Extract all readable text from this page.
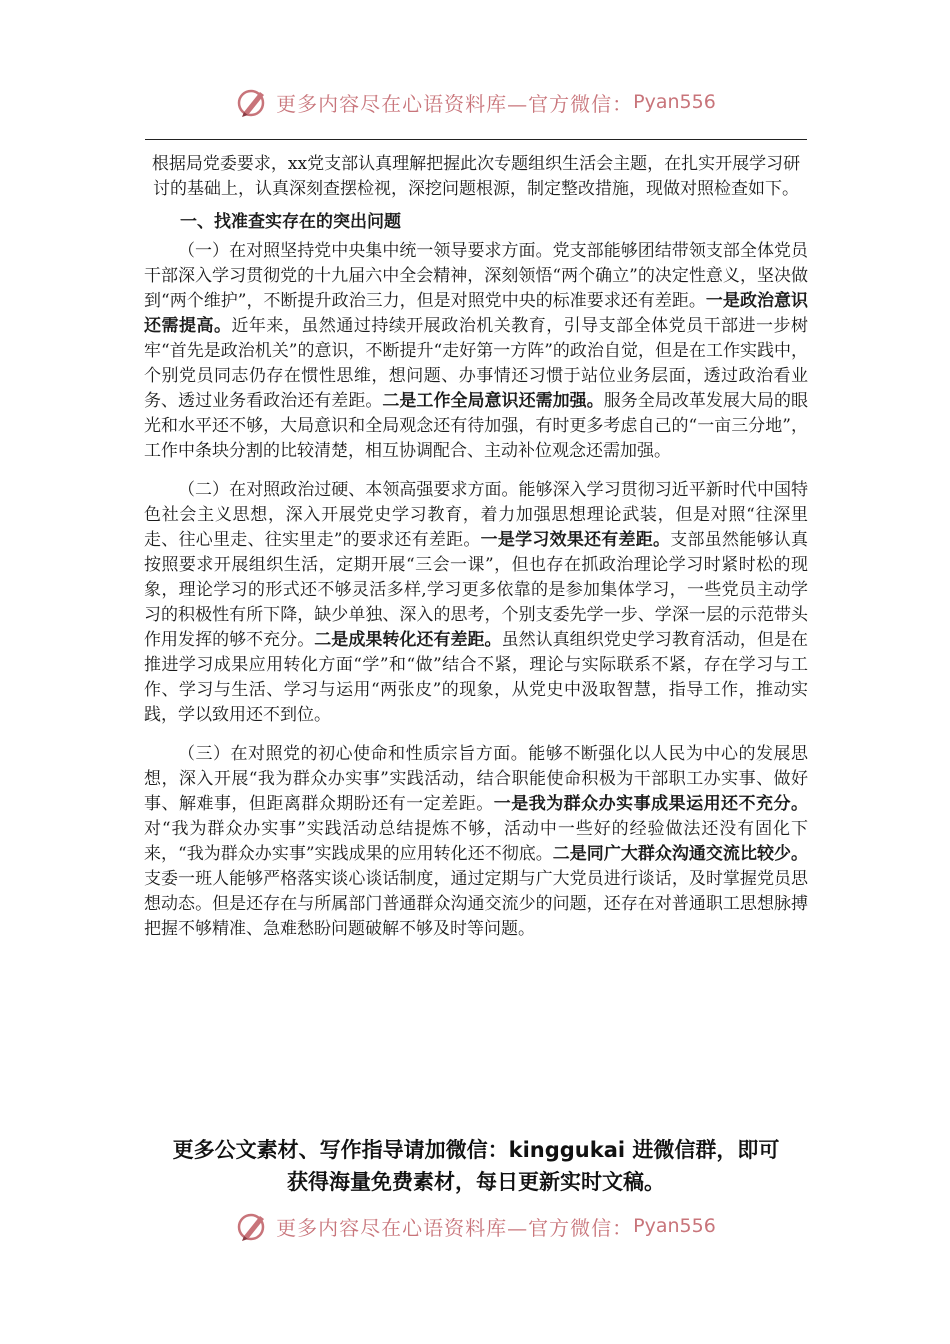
更多内容尽在心语资料库—官方微信： Pyan556

根据局党委要求，xx党支部认真理解把握此次专题组织生活会主题，在扎实开展学习研讨的基础上，认真深刻查摆检视，深挖问题根源，制定整改措施，现做对照检查如下。

一、找准查实存在的突出问题

（一）在对照坚持党中央集中统一领导要求方面。党支部能够团结带领支部全体党员干部深入学习贯彻党的十九届六中全会精神，深刻领悟“两个确立”的决定性意义，坚决做到“两个维护”，不断提升政治三力，但是对照党中央的标准要求还有差距。一是政治意识还需提高。近年来，虽然通过持续开展政治机关教育，引导支部全体党员干部进一步树牢“首先是政治机关”的意识，不断提升“走好第一方阵”的政治自觉，但是在工作实践中，个别党员同志仍存在惯性思维，想问题、办事情还习惯于站位业务层面，透过政治看业务、透过业务看政治还有差距。二是工作全局意识还需加强。服务全局改革发展大局的眼光和水平还不够，大局意识和全局观念还有待加强，有时更多考虑自己的“一亩三分地”，工作中条块分割的比较清楚，相互协调配合、主动补位观念还需加强。

（二）在对照政治过硬、本领高强要求方面。能够深入学习贯彻习近平新时代中国特色社会主义思想，深入开展党史学习教育，着力加强思想理论武装，但是对照“往深里走、往心里走、往实里走”的要求还有差距。一是学习效果还有差距。支部虽然能够认真按照要求开展组织生活，定期开展“三会一课”，但也存在抓政治理论学习时紧时松的现象，理论学习的形式还不够灵活多样,学习更多依靠的是参加集体学习，一些党员主动学习的积极性有所下降，缺少单独、深入的思考，个别支委先学一步、学深一层的示范带头作用发挥的够不充分。二是成果转化还有差距。虽然认真组织党史学习教育活动，但是在推进学习成果应用转化方面“学”和“做”结合不紧，理论与实际联系不紧，存在学习与工作、学习与生活、学习与运用“两张皮”的现象，从党史中汲取智慧，指导工作，推动实践，学以致用还不到位。

（三）在对照党的初心使命和性质宗旨方面。能够不断强化以人民为中心的发展思想，深入开展“我为群众办实事”实践活动，结合职能使命积极为干部职工办实事、做好事、解难事，但距离群众期盼还有一定差距。一是我为群众办实事成果运用还不充分。对“我为群众办实事”实践活动总结提炼不够，活动中一些好的经验做法还没有固化下来，“我为群众办实事”实践成果的应用转化还不彻底。二是同广大群众沟通交流比较少。支委一班人能够严格落实谈心谈话制度，通过定期与广大党员进行谈话，及时掌握党员思想动态。但是还存在与所属部门普通群众沟通交流少的问题，还存在对普通职工思想脉搏把握不够精准、急难愁盼问题破解不够及时等问题。

更多公文素材、写作指导请加微信：kinggukai 进微信群，即可
获得海量免费素材，每日更新实时文稿。
更多内容尽在心语资料库—官方微信： Pyan556
